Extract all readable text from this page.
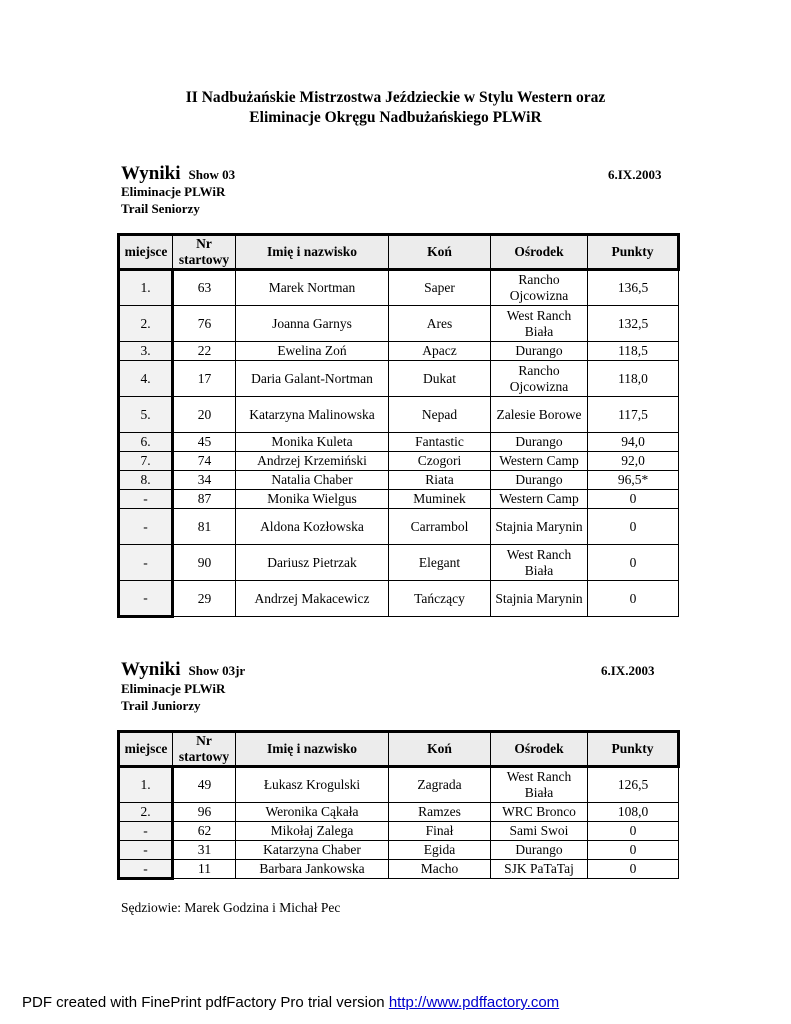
II Nadbużańskie Mistrzostwa Jeździeckie w Stylu Western oraz
Eliminacje Okręgu Nadbużańskiego PLWiR
Wyniki Show 03	6.IX.2003
Eliminacje PLWiR
Trail Seniorzy
miejsce	Nr startowy	Imię i nazwisko	Koń	Ośrodek	Punkty
1.	63	Marek Nortman	Saper	Rancho Ojcowizna	136,5
2.	76	Joanna Garnys	Ares	West Ranch Biała	132,5
3.	22	Ewelina Zoń	Apacz	Durango	118,5
4.	17	Daria Galant-Nortman	Dukat	Rancho Ojcowizna	118,0
5.	20	Katarzyna Malinowska	Nepad	Zalesie Borowe	117,5
6.	45	Monika Kuleta	Fantastic	Durango	94,0
7.	74	Andrzej Krzemiński	Czogori	Western Camp	92,0
8.	34	Natalia Chaber	Riata	Durango	96,5*
-	87	Monika Wielgus	Muminek	Western Camp	0
-	81	Aldona Kozłowska	Carrambol	Stajnia Marynin	0
-	90	Dariusz Pietrzak	Elegant	West Ranch Biała	0
-	29	Andrzej Makacewicz	Tańczący	Stajnia Marynin	0
Wyniki Show 03jr	6.IX.2003
Eliminacje PLWiR
Trail Juniorzy
miejsce	Nr startowy	Imię i nazwisko	Koń	Ośrodek	Punkty
1.	49	Łukasz Krogulski	Zagrada	West Ranch Biała	126,5
2.	96	Weronika Cąkała	Ramzes	WRC Bronco	108,0
-	62	Mikołaj Zalega	Finał	Sami Swoi	0
-	31	Katarzyna Chaber	Egida	Durango	0
-	11	Barbara Jankowska	Macho	SJK PaTaTaj	0
Sędziowie: Marek Godzina i Michał Pec
PDF created with FinePrint pdfFactory Pro trial version http://www.pdffactory.com
